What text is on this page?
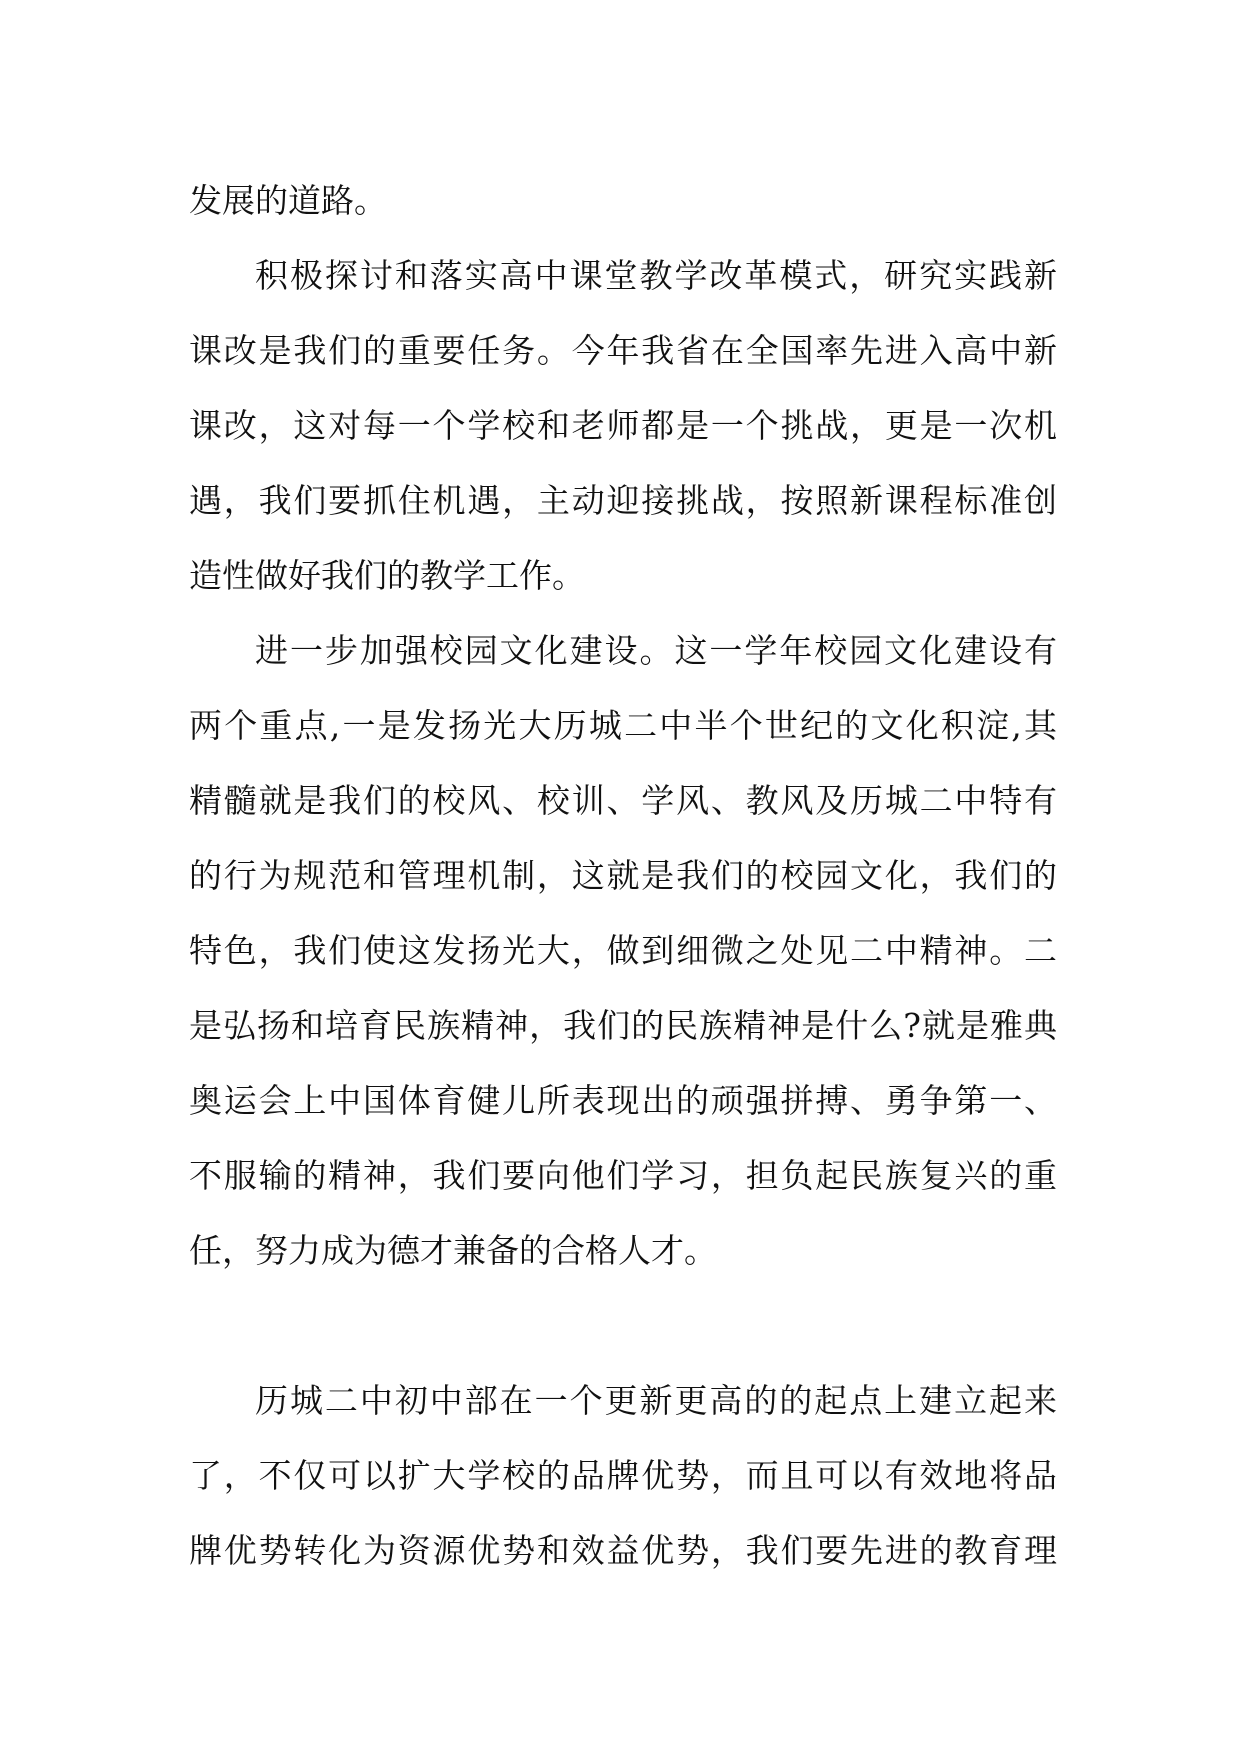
发展的道路。
积极探讨和落实高中课堂教学改革模式，研究实践新
课改是我们的重要任务。今年我省在全国率先进入高中新
课改，这对每一个学校和老师都是一个挑战，更是一次机
遇，我们要抓住机遇，主动迎接挑战，按照新课程标准创
造性做好我们的教学工作。
进一步加强校园文化建设。这一学年校园文化建设有
两个重点,一是发扬光大历城二中半个世纪的文化积淀,其
精髓就是我们的校风、校训、学风、教风及历城二中特有
的行为规范和管理机制，这就是我们的校园文化，我们的
特色，我们使这发扬光大，做到细微之处见二中精神。二
是弘扬和培育民族精神，我们的民族精神是什么?就是雅典
奥运会上中国体育健儿所表现出的顽强拼搏、勇争第一、
不服输的精神，我们要向他们学习，担负起民族复兴的重
任，努力成为德才兼备的合格人才。
历城二中初中部在一个更新更高的的起点上建立起来
了，不仅可以扩大学校的品牌优势，而且可以有效地将品
牌优势转化为资源优势和效益优势，我们要先进的教育理
